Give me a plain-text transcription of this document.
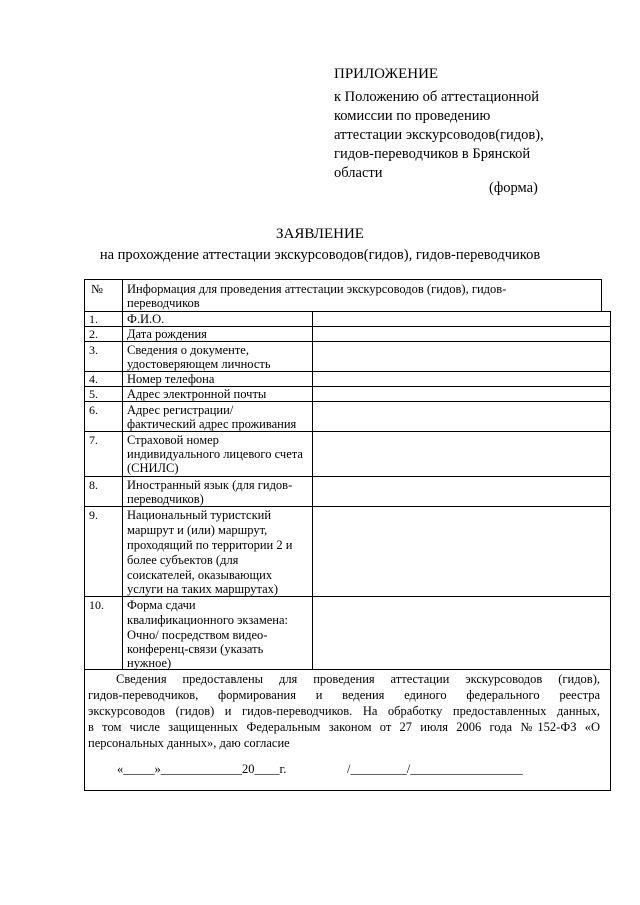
ПРИЛОЖЕНИЕ
к Положению об аттестационной
комиссии по проведению
аттестации экскурсоводов(гидов),
гидов-переводчиков в Брянской
области
(форма)
ЗАЯВЛЕНИЕ
на прохождение аттестации экскурсоводов(гидов), гидов-переводчиков
№ Информация для проведения аттестации экскурсоводов (гидов), гидов-
переводчиков
1. Ф.И.О.
2. Дата рождения
3. Сведения о документе,
удостоверяющем личность
4. Номер телефона
5. Адрес электронной почты
6. Адрес регистрации/
фактический адрес проживания
7. Страховой номер
индивидуального лицевого счета
(СНИЛС)
8. Иностранный язык (для гидов-
переводчиков)
9. Национальный туристский
маршрут и (или) маршрут,
проходящий по территории 2 и
более субъектов (для
соискателей, оказывающих
услуги на таких маршрутах)
10. Форма сдачи
квалификационного экзамена:
Очно/ посредством видео-
конференц-связи (указать
нужное)
Сведения предоставлены для проведения аттестации экскурсоводов (гидов),
гидов-переводчиков, формирования и ведения единого федерального реестра
экскурсоводов (гидов) и гидов-переводчиков. На обработку предоставленных данных,
в том числе защищенных Федеральным законом от 27 июля 2006 года №152-ФЗ «О
персональных данных», даю согласие
«_____»_____________20____г.	/_________/__________________
